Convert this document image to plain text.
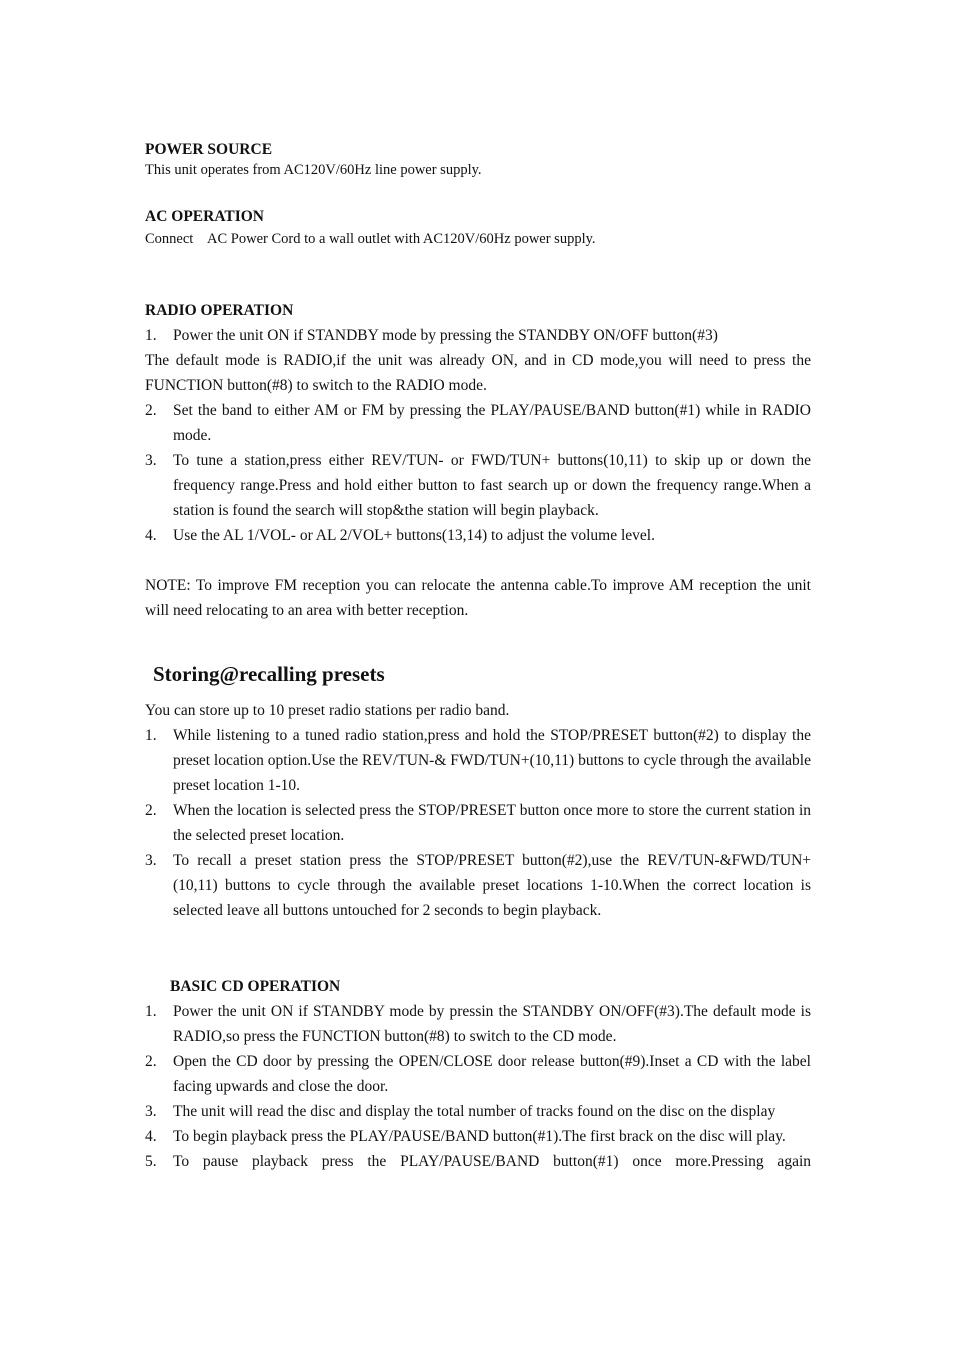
POWER SOURCE
This unit operates from AC120V/60Hz line power supply.
AC OPERATION
Connect    AC Power Cord to a wall outlet with AC120V/60Hz power supply.
RADIO OPERATION
1.	Power the unit ON if STANDBY mode by pressing the STANDBY ON/OFF button(#3)
The default mode is RADIO,if the unit was already ON, and in CD mode,you will need to press the FUNCTION button(#8) to switch to the RADIO mode.
2.	Set the band to either AM or FM by pressing the PLAY/PAUSE/BAND button(#1) while in RADIO mode.
3.	To tune a station,press either REV/TUN- or FWD/TUN+ buttons(10,11) to skip up or down the frequency range.Press and hold either button to fast search up or down the frequency range.When a station is found the search will stop&the station will begin playback.
4.	Use the AL 1/VOL- or AL 2/VOL+ buttons(13,14) to adjust the volume level.
NOTE: To improve FM reception you can relocate the antenna cable.To improve AM reception the unit will need relocating to an area with better reception.
Storing@recalling presets
You can store up to 10 preset radio stations per radio band.
1.	While listening to a tuned radio station,press and hold the STOP/PRESET button(#2) to display the preset location option.Use the REV/TUN-& FWD/TUN+(10,11) buttons to cycle through the available preset location 1-10.
2.	When the location is selected press the STOP/PRESET button once more to store the current station in the selected preset location.
3.	To recall a preset station press the STOP/PRESET button(#2),use the REV/TUN-&FWD/TUN+(10,11) buttons to cycle through the available preset locations 1-10.When the correct location is selected leave all buttons untouched for 2 seconds to begin playback.
BASIC CD OPERATION
1.	Power the unit ON if STANDBY mode by pressin the STANDBY ON/OFF(#3).The default mode is RADIO,so press the FUNCTION button(#8) to switch to the CD mode.
2.	Open the CD door by pressing the OPEN/CLOSE door release button(#9).Inset a CD with the label facing upwards and close the door.
3.	The unit will read the disc and display the total number of tracks found on the disc on the display
4.	To begin playback press the PLAY/PAUSE/BAND button(#1).The first brack on the disc will play.
5.	To pause playback press the PLAY/PAUSE/BAND button(#1) once more.Pressing again
